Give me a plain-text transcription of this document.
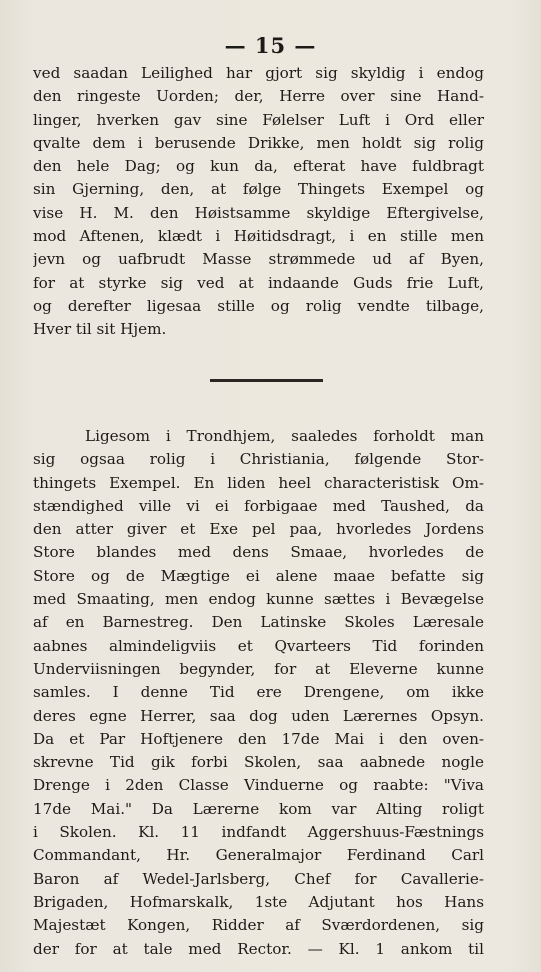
— 15 —
ved saadan Leilighed har gjort sig skyldig i endog
den ringeste Uorden; der, Herre over sine Hand-
linger, hverken gav sine Følelser Luft i Ord eller
qvalte dem i berusende Drikke, men holdt sig rolig
den hele Dag; og kun da, efterat have fuldbragt
sin Gjerning, den, at følge Thingets Exempel og
vise H. M. den Høistsamme skyldige Eftergivelse,
mod Aftenen, klædt i Høitidsdragt, i en stille men
jevn og uafbrudt Masse strømmede ud af Byen,
for at styrke sig ved at indaande Guds frie Luft,
og derefter ligesaa stille og rolig vendte tilbage,
Hver til sit Hjem.
Ligesom i Trondhjem, saaledes forholdt man
sig ogsaa rolig i Christiania, følgende Stor-
thingets Exempel. En liden heel characteristisk Om-
stændighed ville vi ei forbigaae med Taushed, da
den atter giver et Exe pel paa, hvorledes Jordens
Store blandes med dens Smaae, hvorledes de
Store og de Mægtige ei alene maae befatte sig
med Smaating, men endog kunne sættes i Bevægelse
af en Barnestreg. Den Latinske Skoles Læresale
aabnes almindeligviis et Qvarteers Tid forinden
Underviisningen begynder, for at Eleverne kunne
samles. I denne Tid ere Drengene, om ikke
deres egne Herrer, saa dog uden Lærernes Opsyn.
Da et Par Hoftjenere den 17de Mai i den oven-
skrevne Tid gik forbi Skolen, saa aabnede nogle
Drenge i 2den Classe Vinduerne og raabte: "Viva
17de Mai." Da Lærerne kom var Alting roligt
i Skolen. Kl. 11 indfandt Aggershuus-Fæstnings
Commandant, Hr. Generalmajor Ferdinand Carl
Baron af Wedel-Jarlsberg, Chef for Cavallerie-
Brigaden, Hofmarskalk, 1ste Adjutant hos Hans
Majestæt Kongen, Ridder af Sværdordenen, sig
der for at tale med Rector. — Kl. 1 ankom til
